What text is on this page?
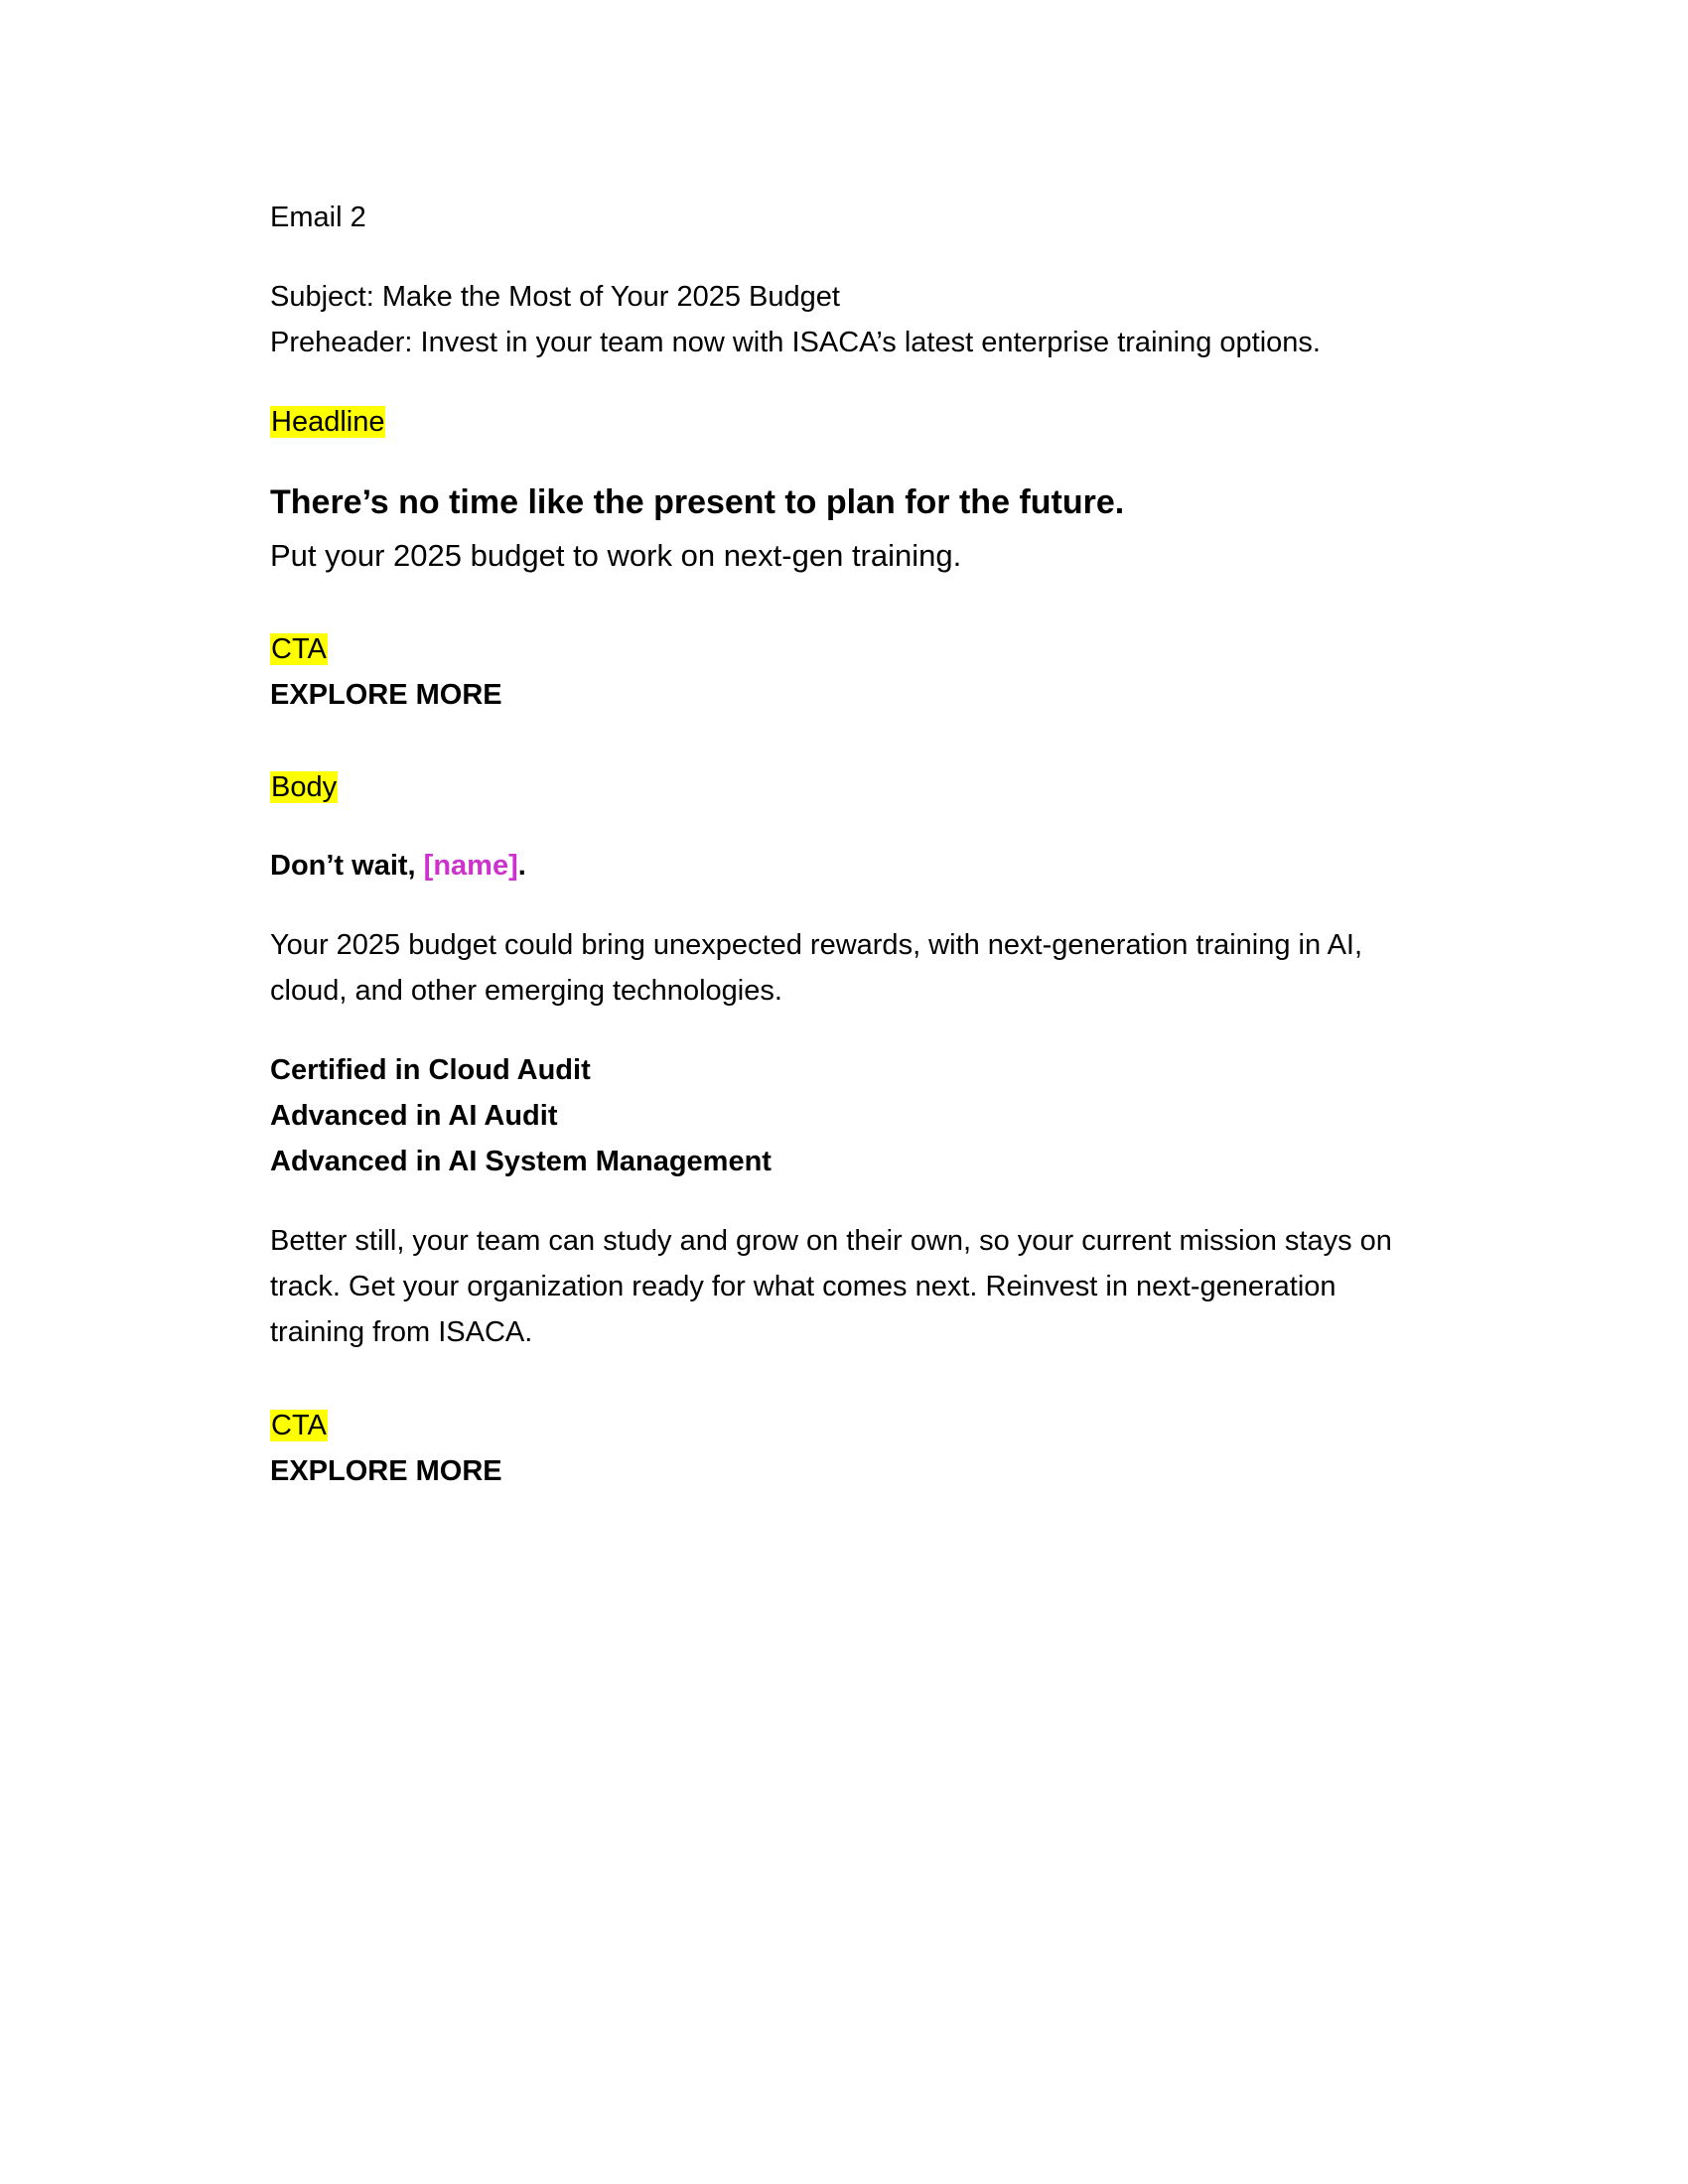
Email 2

Subject: Make the Most of Your 2025 Budget

Preheader: Invest in your team now with ISACA’s latest enterprise training options.

Headline

There’s no time like the present to plan for the future.

Put your 2025 budget to work on next-gen training.

CTA

EXPLORE MORE

Body

Don’t wait, [name].

Your 2025 budget could bring unexpected rewards, with next-generation training in AI,

cloud, and other emerging technologies.

Certified in Cloud Audit

Advanced in AI Audit

Advanced in AI System Management

Better still, your team can study and grow on their own, so your current mission stays on

track. Get your organization ready for what comes next. Reinvest in next-generation

training from ISACA.

CTA

EXPLORE MORE
